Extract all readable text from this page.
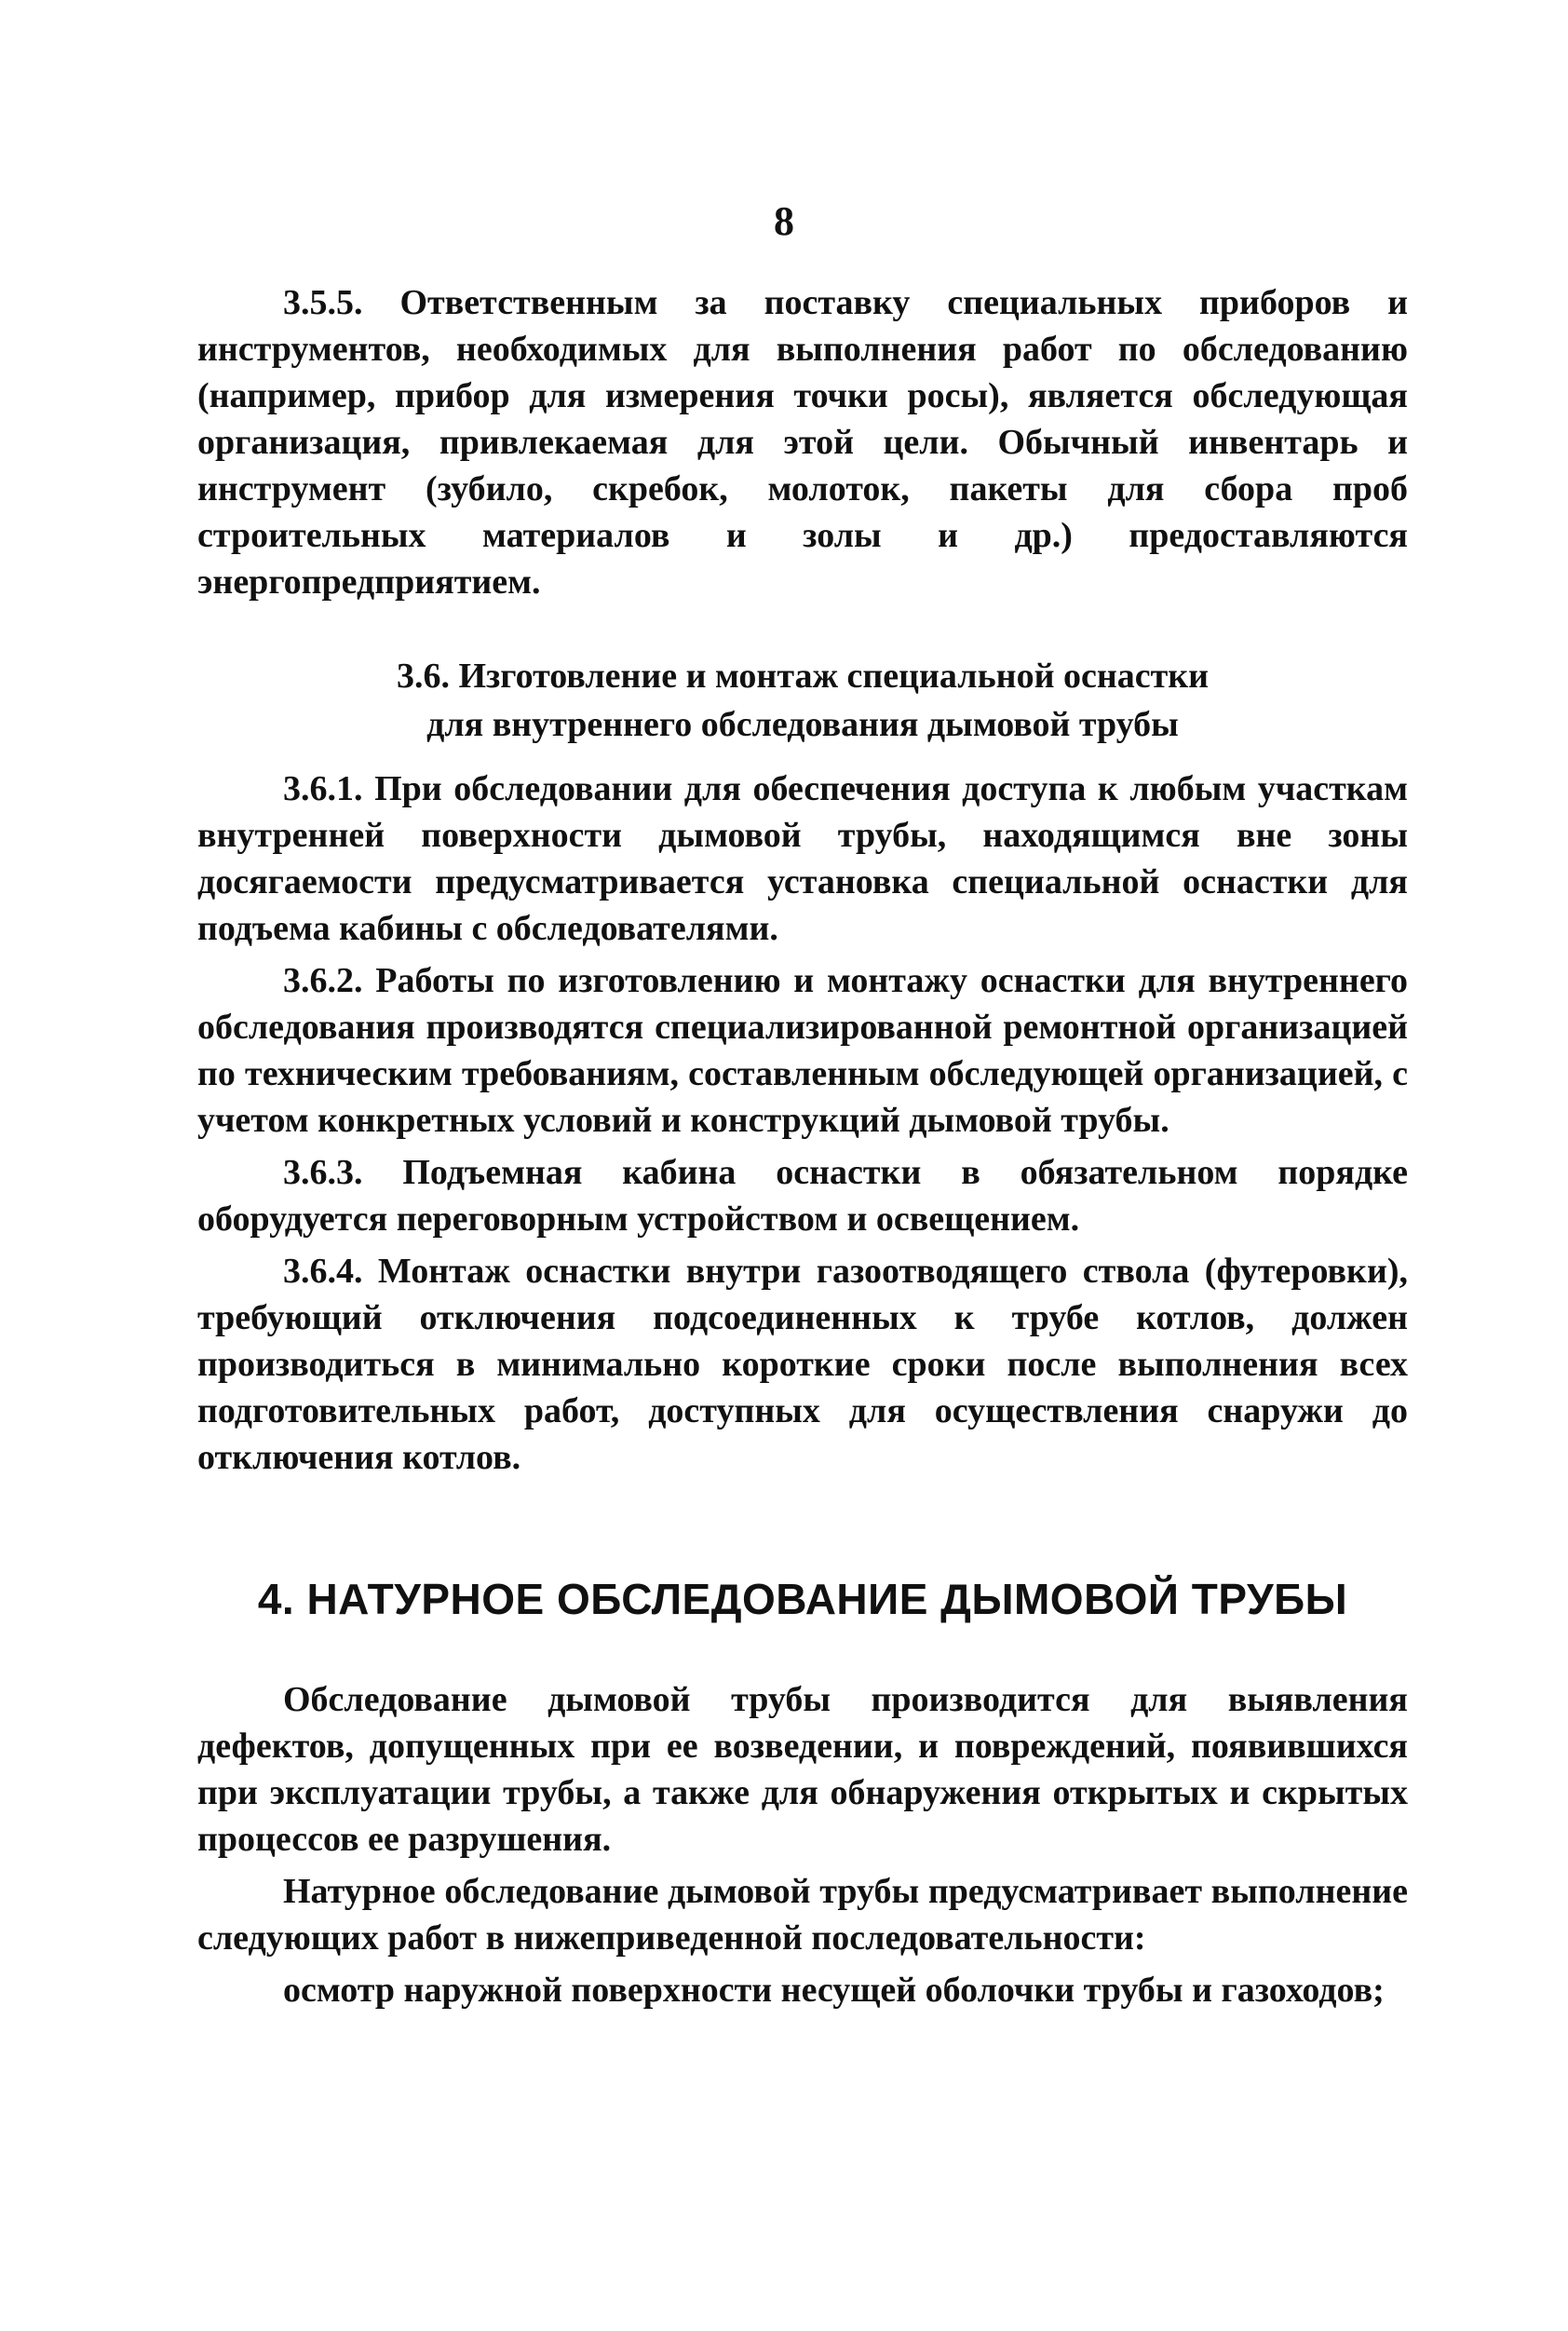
8

3.5.5. Ответственным за поставку специальных приборов и инструментов, необходимых для выполнения работ по обследованию (например, прибор для измерения точки росы), является обследующая организация, привлекаемая для этой цели. Обычный инвентарь и инструмент (зубило, скребок, молоток, пакеты для сбора проб строительных материалов и золы и др.) предоставляются энергопредприятием.

3.6. Изготовление и монтаж специальной оснастки
для внутреннего обследования дымовой трубы

3.6.1. При обследовании для обеспечения доступа к любым участкам внутренней поверхности дымовой трубы, находящимся вне зоны досягаемости предусматривается установка специальной оснастки для подъема кабины с обследователями.

3.6.2. Работы по изготовлению и монтажу оснастки для внутреннего обследования производятся специализированной ремонтной организацией по техническим требованиям, составленным обследующей организацией, с учетом конкретных условий и конструкций дымовой трубы.

3.6.3. Подъемная кабина оснастки в обязательном порядке оборудуется переговорным устройством и освещением.

3.6.4. Монтаж оснастки внутри газоотводящего ствола (футеровки), требующий отключения подсоединенных к трубе котлов, должен производиться в минимально короткие сроки после выполнения всех подготовительных работ, доступных для осуществления снаружи до отключения котлов.

4. НАТУРНОЕ ОБСЛЕДОВАНИЕ ДЫМОВОЙ ТРУБЫ

Обследование дымовой трубы производится для выявления дефектов, допущенных при ее возведении, и повреждений, появившихся при эксплуатации трубы, а также для обнаружения открытых и скрытых процессов ее разрушения.

Натурное обследование дымовой трубы предусматривает выполнение следующих работ в нижеприведенной последовательности:

осмотр наружной поверхности несущей оболочки трубы и газоходов;
